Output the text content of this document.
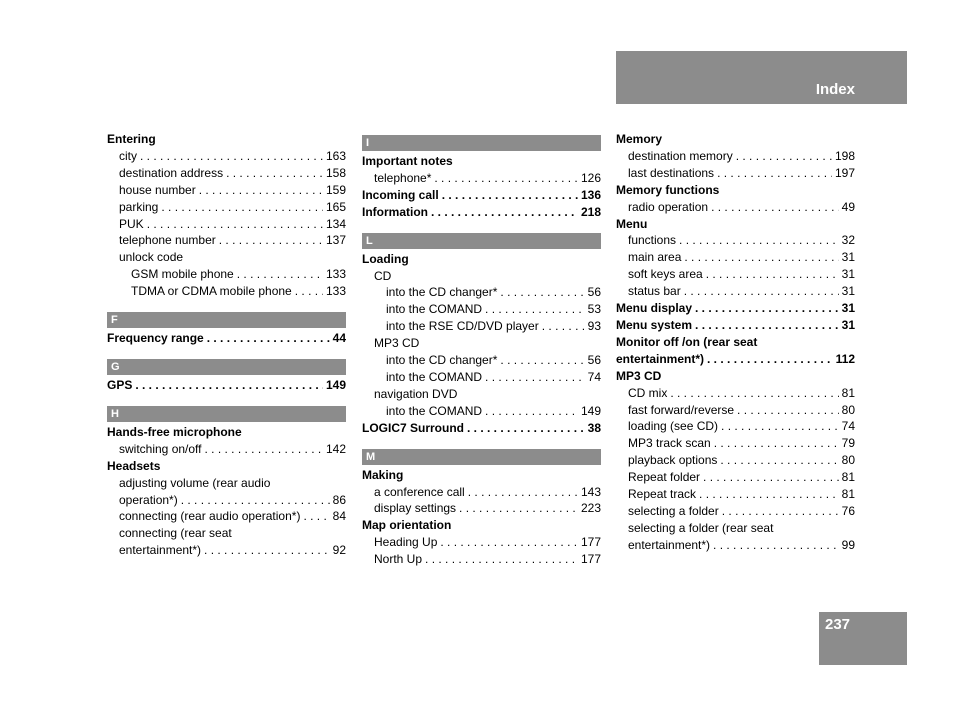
Index
Entering
city . . .	163
destination address . . .	158
house number . . .	159
parking . . .	165
PUK . . .	134
telephone number . . .	137
unlock code
GSM mobile phone . . .	133
TDMA or CDMA mobile phone . . .	133
F
Frequency range . . .	44
G
GPS . . .	149
H
Hands-free microphone
switching on/off . . .	142
Headsets
adjusting volume (rear audio
operation*) . . .	86
connecting (rear audio operation*) . . .	84
connecting (rear seat
entertainment*) . . .	92
I
Important notes
telephone* . . .	126
Incoming call . . .	136
Information . . .	218
L
Loading
CD
into the CD changer* . . .	56
into the COMAND . . .	53
into the RSE CD/DVD player . . .	93
MP3 CD
into the CD changer* . . .	56
into the COMAND . . .	74
navigation DVD
into the COMAND . . .	149
LOGIC7 Surround . . .	38
M
Making
a conference call . . .	143
display settings . . .	223
Map orientation
Heading Up . . .	177
North Up . . .	177
Memory
destination memory . . .	198
last destinations . . .	197
Memory functions
radio operation . . .	49
Menu
functions . . .	32
main area . . .	31
soft keys area . . .	31
status bar . . .	31
Menu display . . .	31
Menu system . . .	31
Monitor off /on (rear seat
entertainment*) . . .	112
MP3 CD
CD mix . . .	81
fast forward/reverse . . .	80
loading (see CD) . . .	74
MP3 track scan . . .	79
playback options . . .	80
Repeat folder . . .	81
Repeat track . . .	81
selecting a folder . . .	76
selecting a folder (rear seat
entertainment*) . . .	99
237
